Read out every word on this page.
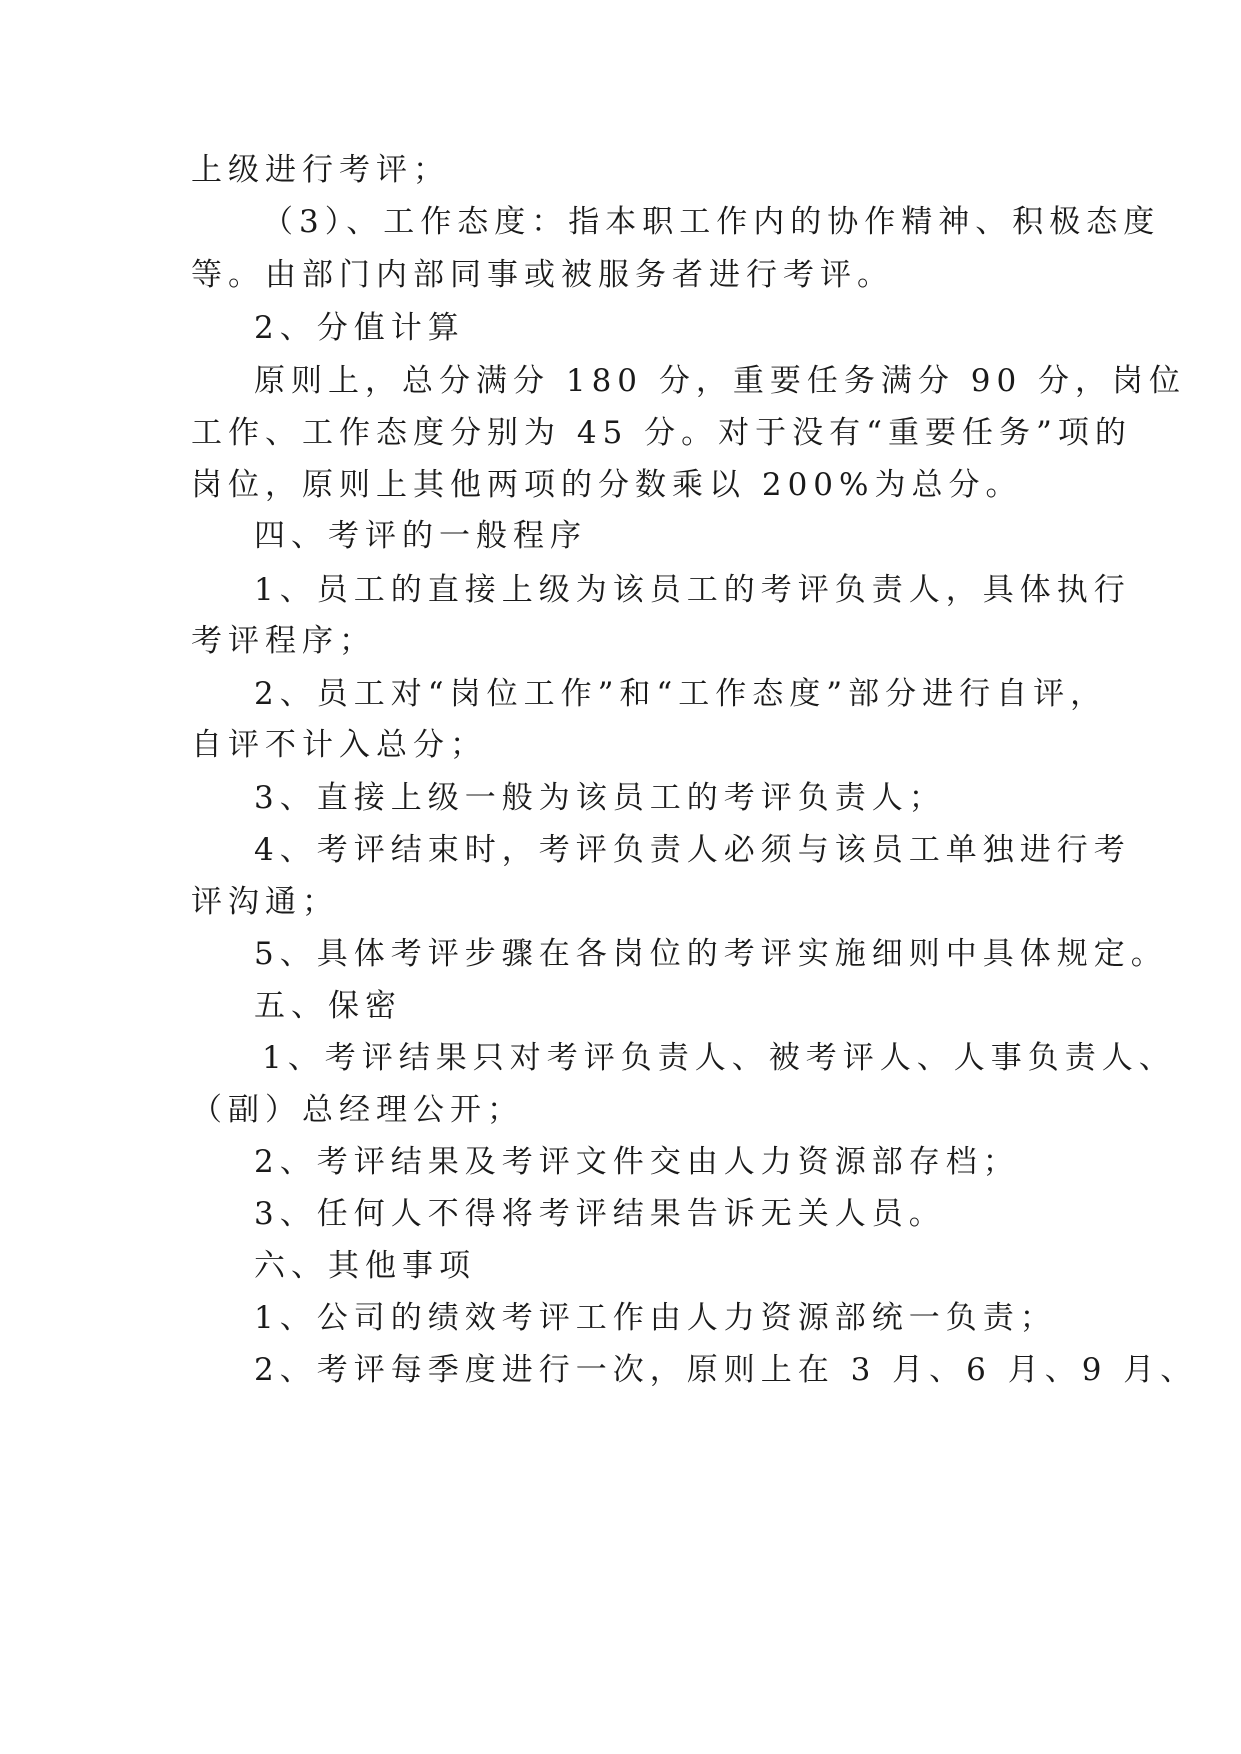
上级进行考评；
（3）、工作态度：指本职工作内的协作精神、积极态度
等。由部门内部同事或被服务者进行考评。
2、分值计算
原则上，总分满分 180 分，重要任务满分 90 分，岗位
工作、工作态度分别为 45 分。对于没有“重要任务”项的
岗位，原则上其他两项的分数乘以 200%为总分。
四、考评的一般程序
1、员工的直接上级为该员工的考评负责人，具体执行
考评程序；
2、员工对“岗位工作”和“工作态度”部分进行自评，
自评不计入总分；
3、直接上级一般为该员工的考评负责人；
4、考评结束时，考评负责人必须与该员工单独进行考
评沟通；
5、具体考评步骤在各岗位的考评实施细则中具体规定。
五、保密
1、考评结果只对考评负责人、被考评人、人事负责人、
（副）总经理公开；
2、考评结果及考评文件交由人力资源部存档；
3、任何人不得将考评结果告诉无关人员。
六、其他事项
1、公司的绩效考评工作由人力资源部统一负责；
2、考评每季度进行一次，原则上在 3 月、6 月、9 月、
